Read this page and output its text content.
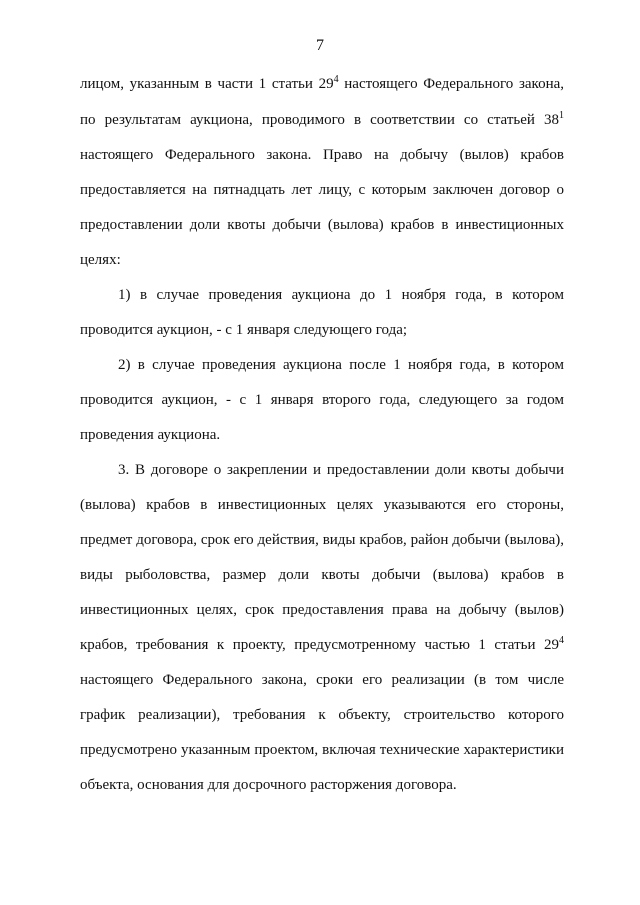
7
лицом, указанным в части 1 статьи $29^4$ настоящего Федерального закона,
по результатам аукциона, проводимого в соответствии со статьей $38^1$
настоящего Федерального закона. Право на добычу (вылов) крабов
предоставляется на пятнадцать лет лицу, с которым заключен договор о
предоставлении доли квоты добычи (вылова) крабов в инвестиционных
целях:
1) в случае проведения аукциона до 1 ноября года, в котором
проводится аукцион, - с 1 января следующего года;
2) в случае проведения аукциона после 1 ноября года, в котором
проводится аукцион, - с 1 января второго года, следующего за годом
проведения аукциона.
3. В договоре о закреплении и предоставлении доли квоты добычи
(вылова) крабов в инвестиционных целях указываются его стороны,
предмет договора, срок его действия, виды крабов, район добычи (вылова),
виды рыболовства, размер доли квоты добычи (вылова) крабов в
инвестиционных целях, срок предоставления права на добычу (вылов)
крабов, требования к проекту, предусмотренному частью 1 статьи $29^4$
настоящего Федерального закона, сроки его реализации (в том числе
график реализации), требования к объекту, строительство которого
предусмотрено указанным проектом, включая технические характеристики
объекта, основания для досрочного расторжения договора.
